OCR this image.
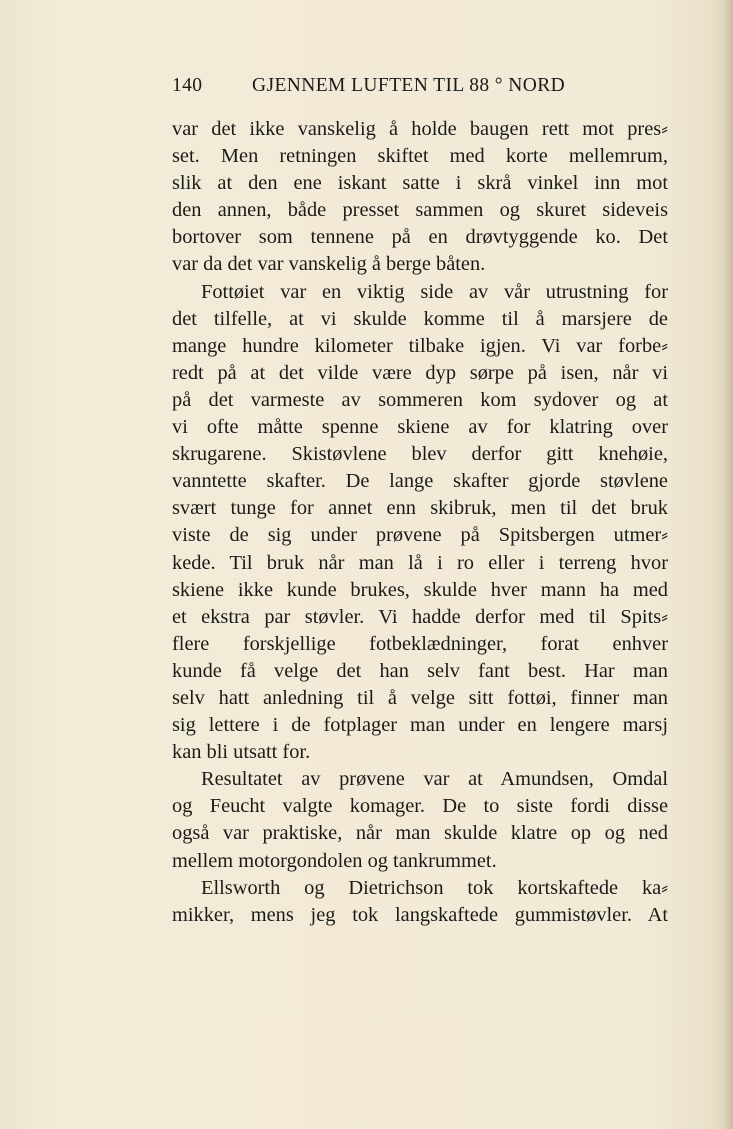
140	GJENNEM LUFTEN TIL 88 ° NORD
var det ikke vanskelig å holde baugen rett mot pres⸗
set. Men retningen skiftet med korte mellemrum,
slik at den ene iskant satte i skrå vinkel inn mot
den annen, både presset sammen og skuret sideveis
bortover som tennene på en drøvtyggende ko. Det
var da det var vanskelig å berge båten.
Fottøiet var en viktig side av vår utrustning for
det tilfelle, at vi skulde komme til å marsjere de
mange hundre kilometer tilbake igjen. Vi var forbe⸗
redt på at det vilde være dyp sørpe på isen, når vi
på det varmeste av sommeren kom sydover og at
vi ofte måtte spenne skiene av for klatring over
skrugarene. Skistøvlene blev derfor gitt knehøie,
vanntette skafter. De lange skafter gjorde støvlene
svært tunge for annet enn skibruk, men til det bruk
viste de sig under prøvene på Spitsbergen utmer⸗
kede. Til bruk når man lå i ro eller i terreng hvor
skiene ikke kunde brukes, skulde hver mann ha med
et ekstra par støvler. Vi hadde derfor med til Spits⸗
flere forskjellige fotbeklædninger, forat enhver
kunde få velge det han selv fant best. Har man
selv hatt anledning til å velge sitt fottøi, finner man
sig lettere i de fotplager man under en lengere marsj
kan bli utsatt for.
Resultatet av prøvene var at Amundsen, Omdal
og Feucht valgte komager. De to siste fordi disse
også var praktiske, når man skulde klatre op og ned
mellem motorgondolen og tankrummet.
Ellsworth og Dietrichson tok kortskaftede ka⸗
mikker, mens jeg tok langskaftede gummistøvler. At
